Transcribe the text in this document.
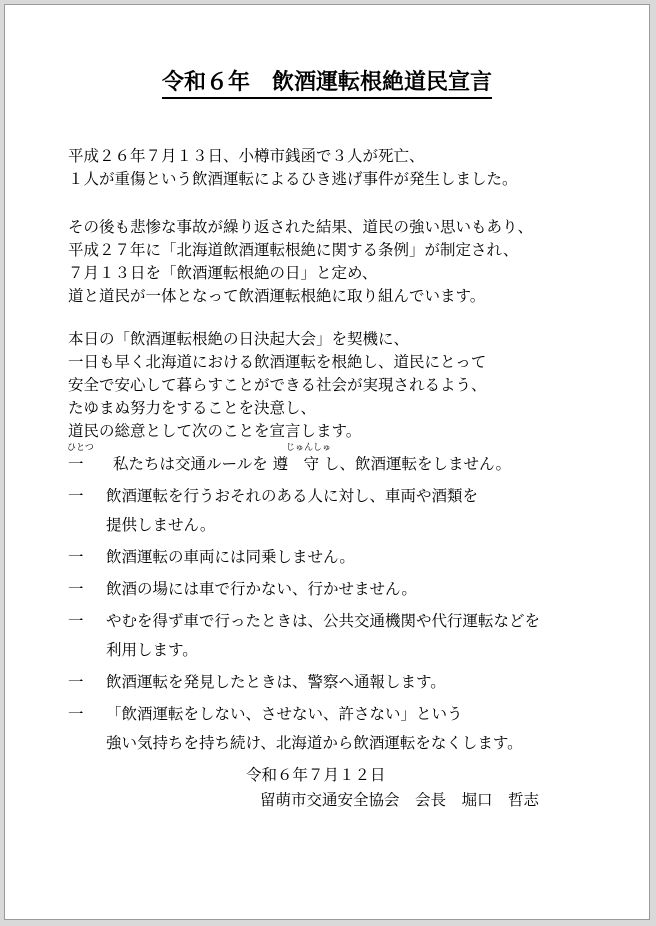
令和６年　飲酒運転根絶道民宣言
平成２６年７月１３日、小樽市銭函で３人が死亡、
１人が重傷という飲酒運転によるひき逃げ事件が発生しました。
その後も悲惨な事故が繰り返された結果、道民の強い思いもあり、
平成２７年に「北海道飲酒運転根絶に関する条例」が制定され、
７月１３日を「飲酒運転根絶の日」と定め、
道と道民が一体となって飲酒運転根絶に取り組んでいます。
本日の「飲酒運転根絶の日決起大会」を契機に、
一日も早く北海道における飲酒運転を根絶し、道民にとって
安全で安心して暮らすことができる社会が実現されるよう、
たゆまぬ努力をすることを決意し、
道民の総意として次のことを宣言します。
ひとつ	じゅんしゅ
一	私たちは交通ルールを 遵　守 し、飲酒運転をしません。
一	飲酒運転を行うおそれのある人に対し、車両や酒類を
提供しません。
一	飲酒運転の車両には同乗しません。
一	飲酒の場には車で行かない、行かせません。
一	やむを得ず車で行ったときは、公共交通機関や代行運転などを
利用します。
一	飲酒運転を発見したときは、警察へ通報します。
一	「飲酒運転をしない、させない、許さない」という
強い気持ちを持ち続け、北海道から飲酒運転をなくします。
令和６年７月１２日
留萌市交通安全協会　会長　堀口　哲志
